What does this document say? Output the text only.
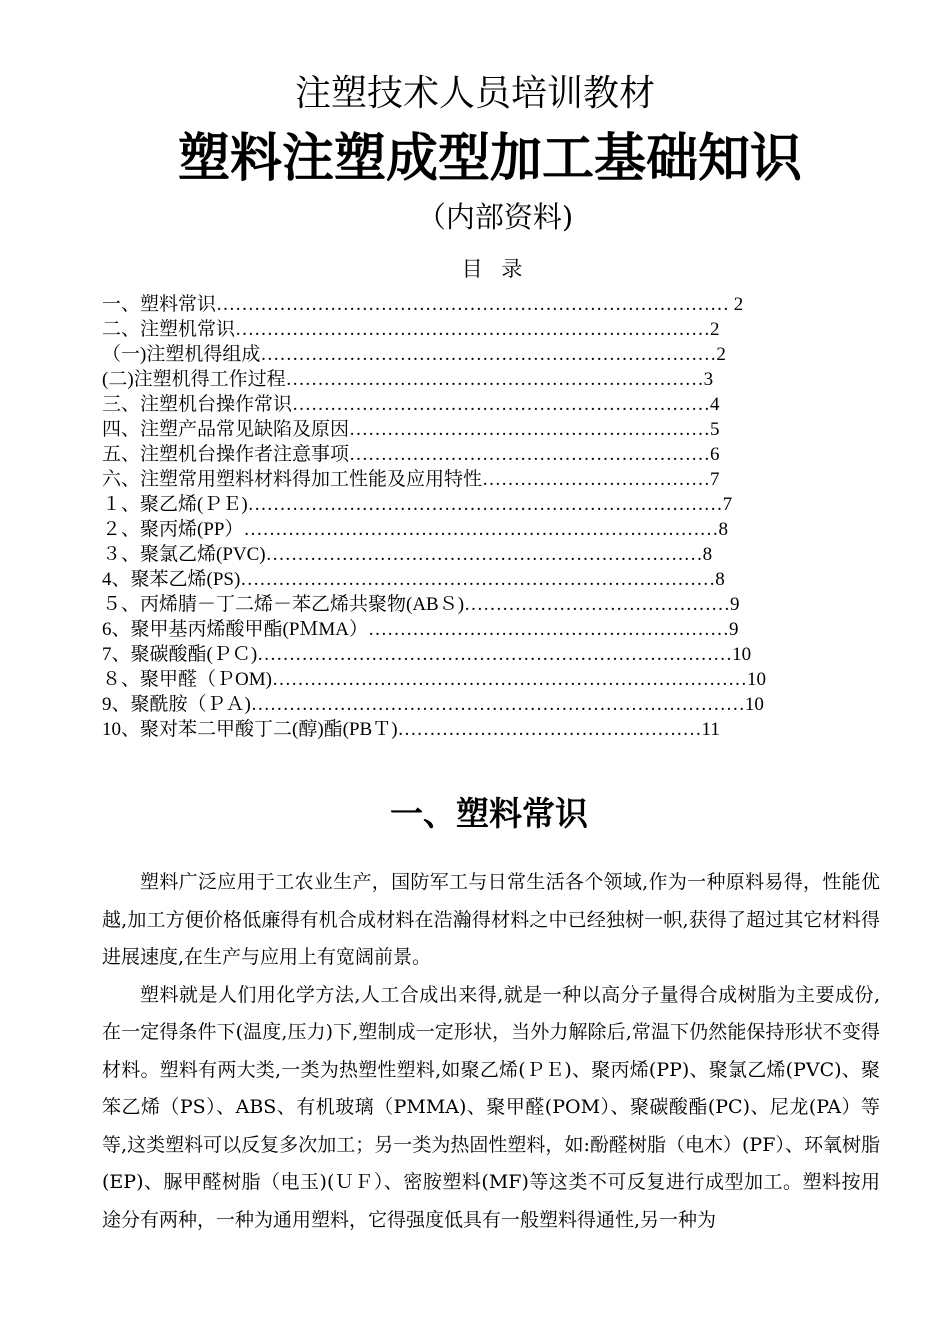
注塑技术人员培训教材
塑料注塑成型加工基础知识
（内部资料)
目 录
一、塑料常识……………………………………………………………………… 2
二、注塑机常识…………………………………………………………………2
（一)注塑机得组成………………………………………………………………2
(二)注塑机得工作过程…………………………………………………………3
三、注塑机台操作常识…………………………………………………………4
四、注塑产品常见缺陷及原因…………………………………………………5
五、注塑机台操作者注意事项…………………………………………………6
六、注塑常用塑料材料得加工性能及应用特性………………………………7
１、聚乙烯(ＰＥ)…………………………………………………………………7
２、聚丙烯(PP）…………………………………………………………………8
３、聚氯乙烯(PVC)……………………………………………………………8
4、聚苯乙烯(PS)…………………………………………………………………8
５、丙烯腈－丁二烯－苯乙烯共聚物(ABＳ)……………………………………9
6、聚甲基丙烯酸甲酯(PＭMA）…………………………………………………9
7、聚碳酸酯(ＰＣ)…………………………………………………………………10
８、聚甲醛（ＰOM)…………………………………………………………………10
9、聚酰胺（ＰＡ)……………………………………………………………………10
10、聚对苯二甲酸丁二(醇)酯(PBＴ)…………………………………………11
一、塑料常识

塑料广泛应用于工农业生产，国防军工与日常生活各个领域,作为一种原料易得，性能优越,加工方便价格低廉得有机合成材料在浩瀚得材料之中已经独树一帜,获得了超过其它材料得进展速度,在生产与应用上有宽阔前景。

塑料就是人们用化学方法,人工合成出来得,就是一种以高分子量得合成树脂为主要成份,在一定得条件下(温度,压力)下,塑制成一定形状，当外力解除后,常温下仍然能保持形状不变得材料。塑料有两大类,一类为热塑性塑料,如聚乙烯(ＰＥ)、聚丙烯(PP)、聚氯乙烯(PVC)、聚笨乙烯（PS）、ABS、有机玻璃（PMMA)、聚甲醛(POM）、聚碳酸酯(PC)、尼龙(PA）等等,这类塑料可以反复多次加工；另一类为热固性塑料，如:酚醛树脂（电木）(PF）、环氧树脂(EP)、脲甲醛树脂（电玉)(ＵＦ）、密胺塑料(MF)等这类不可反复进行成型加工。塑料按用途分有两种，一种为通用塑料，它得强度低具有一般塑料得通性,另一种为
